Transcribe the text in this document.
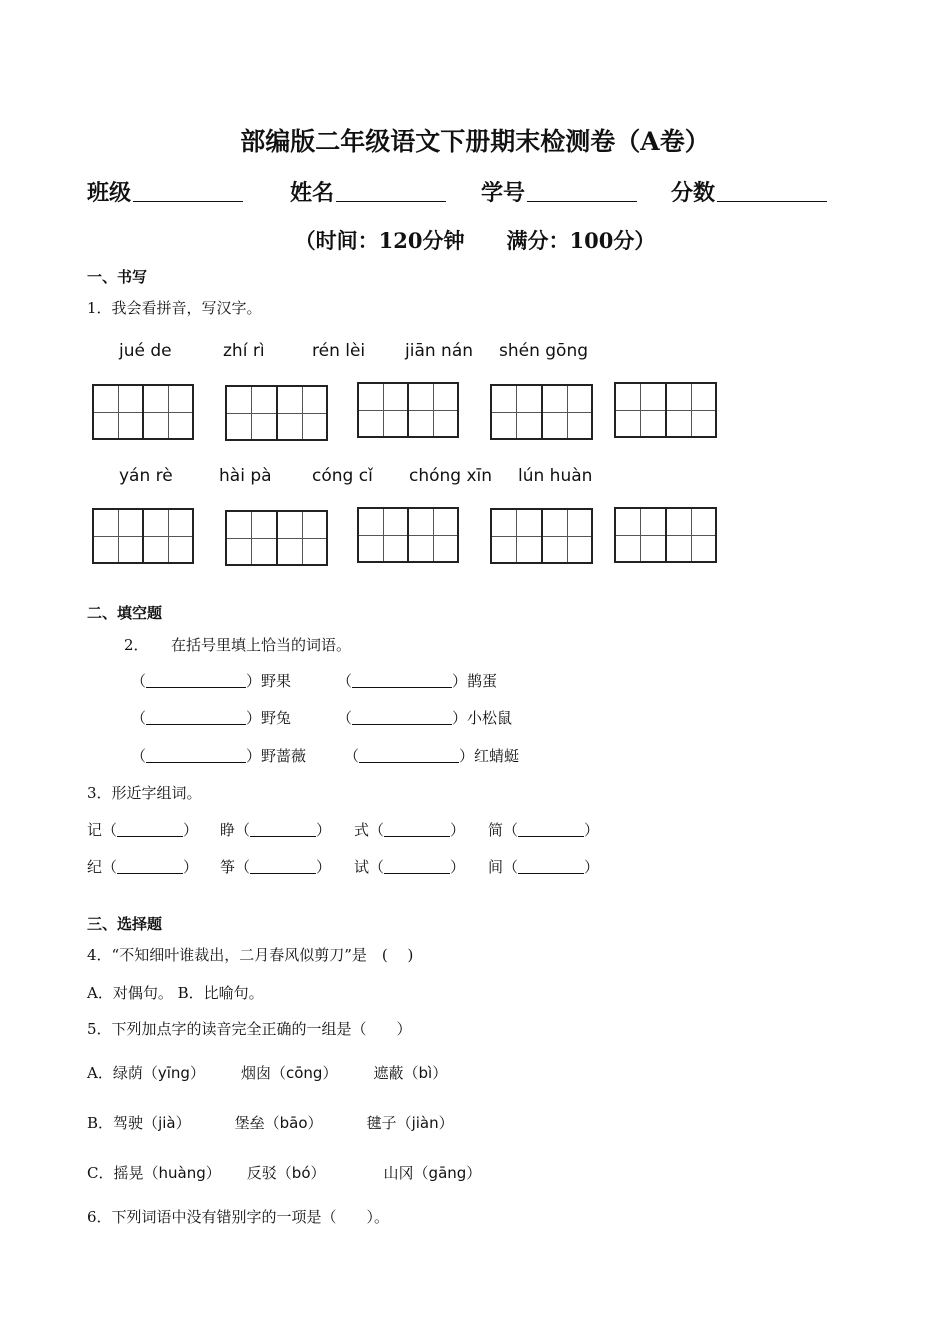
部编版二年级语文下册期末检测卷（A卷）
班级	姓名	学号	分数
（时间：120分钟　　满分：100分）
一、书写
1．我会看拼音，写汉字。
jué de	zhí rì	rén lèi jiān nán shén gōng
yán rè	hài pà cóng cǐ chóng xīn lún huàn
二、填空题
2．　　在括号里填上恰当的词语。
（	）野果	（	）鹊蛋
（	）野兔	（	）小松鼠
（	）野蔷薇	（	）红蜻蜓
3．形近字组词。
记（	） 睁（	） 式（	） 简（	）
纪（	） 筝（	） 试（	） 间（	）
三、选择题
4．“不知细叶谁裁出，二月春风似剪刀”是　(　 )
A．对偶句。 B．比喻句。
5．下列加点字的读音完全正确的一组是（　　）
A．绿荫（yīng） 烟囱（cōng） 遮蔽（bì）
B．驾驶（jià）	堡垒（bāo）	毽子（jiàn）
C．摇晃（huàng） 反驳（bó）	山冈（gāng）
6．下列词语中没有错别字的一项是（　　）。
